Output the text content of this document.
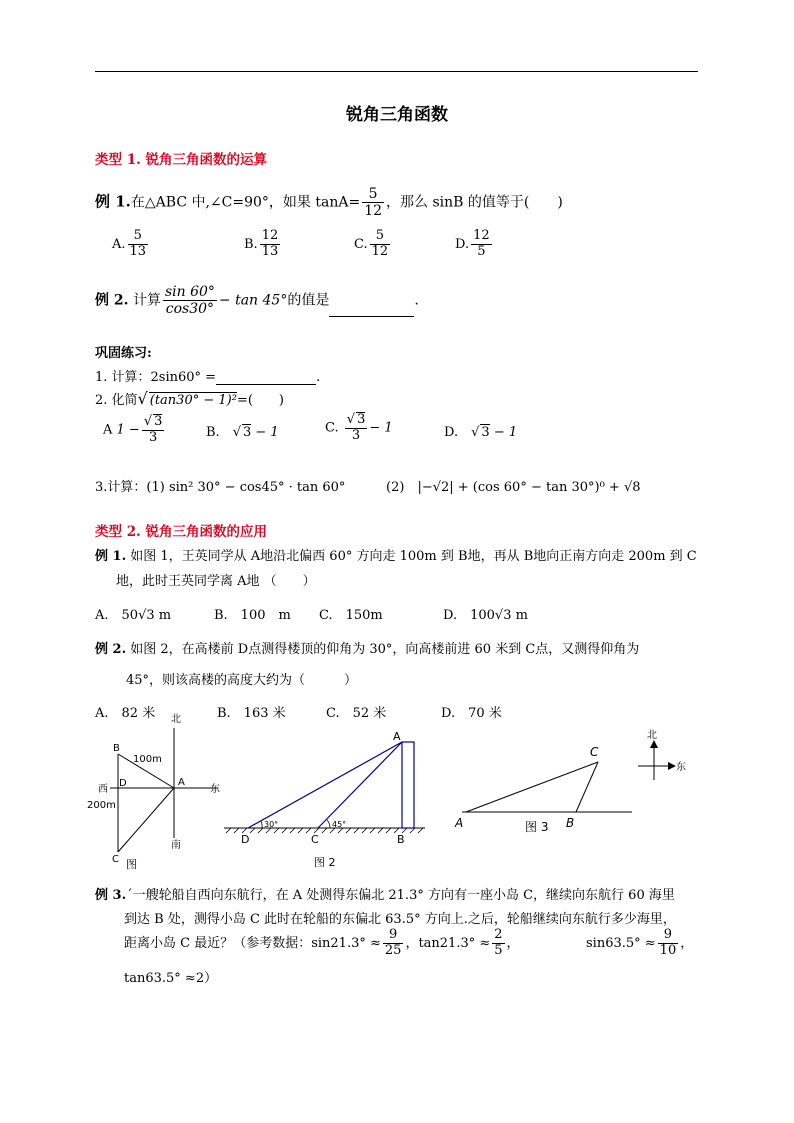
锐角三角函数
类型 1. 锐角三角函数的运算
例 1.在△ABC 中,∠C=90°，如果 $\tan A= \frac{5}{12}$ ，那么 sinB 的值等于(　　)
A. $\frac{5}{13}$	B. $\frac{12}{13}$	C. $\frac{5}{12}$	D. $\frac{12}{5}$
例 2. 计算 $\frac{\sin 60^\circ}{\cos 30^\circ} - \tan 45^\circ$的值是	.
巩固练习:
1. 计算：2sin60° =	.
2. 化简√ (tan30° − 1)²=(　　)
A $1 - \frac{√ 3}{3}$	B.　√ 3 − 1	C. $\frac{√ 3}{3} - 1$	D.　√ 3 − 1
3.计算：(1) sin² 30° − cos45° · tan 60°	(2)　 |−√2| + (cos 60° − tan 30°)⁰ + √8
类型 2. 锐角三角函数的应用
例 1. 如图 1，王英同学从 A地沿北偏西 60° 方向走 100m 到 B地，再从 B地向正南方向走 200m 到 C
地，此时王英同学离 A地 （　　）
A.　50√3 m	B.　100　m C.　150m	D.　100√3 m
例 2. 如图 2，在高楼前 D点测得楼顶的仰角为 30°，向高楼前进 60 米到 C点，又测得仰角为
45°，则该高楼的高度大约为（　　　）
A.　82 米	B.　163 米	C.　52 米	D.　70 米
北
南
西	东
B
D	A
C
100m
200m
图
A
B
C
D
30°	45°
图 2
A	B
C
图 3
北
东
例 3.ˊ一艘轮船自西向东航行，在 A 处测得东偏北 21.3° 方向有一座小岛 C，继续向东航行 60 海里
到达 B 处，测得小岛 C 此时在轮船的东偏北 63.5° 方向上.之后，轮船继续向东航行多少海里，
距离小岛 C 最近？（参考数据：$\sin 21.3^\circ \approx \frac{9}{25}$ ，$\tan 21.3^\circ \approx \frac{2}{5}$ ，	$\sin 63.5^\circ \approx \frac{9}{10}$ ，
tan63.5° ≈2）
